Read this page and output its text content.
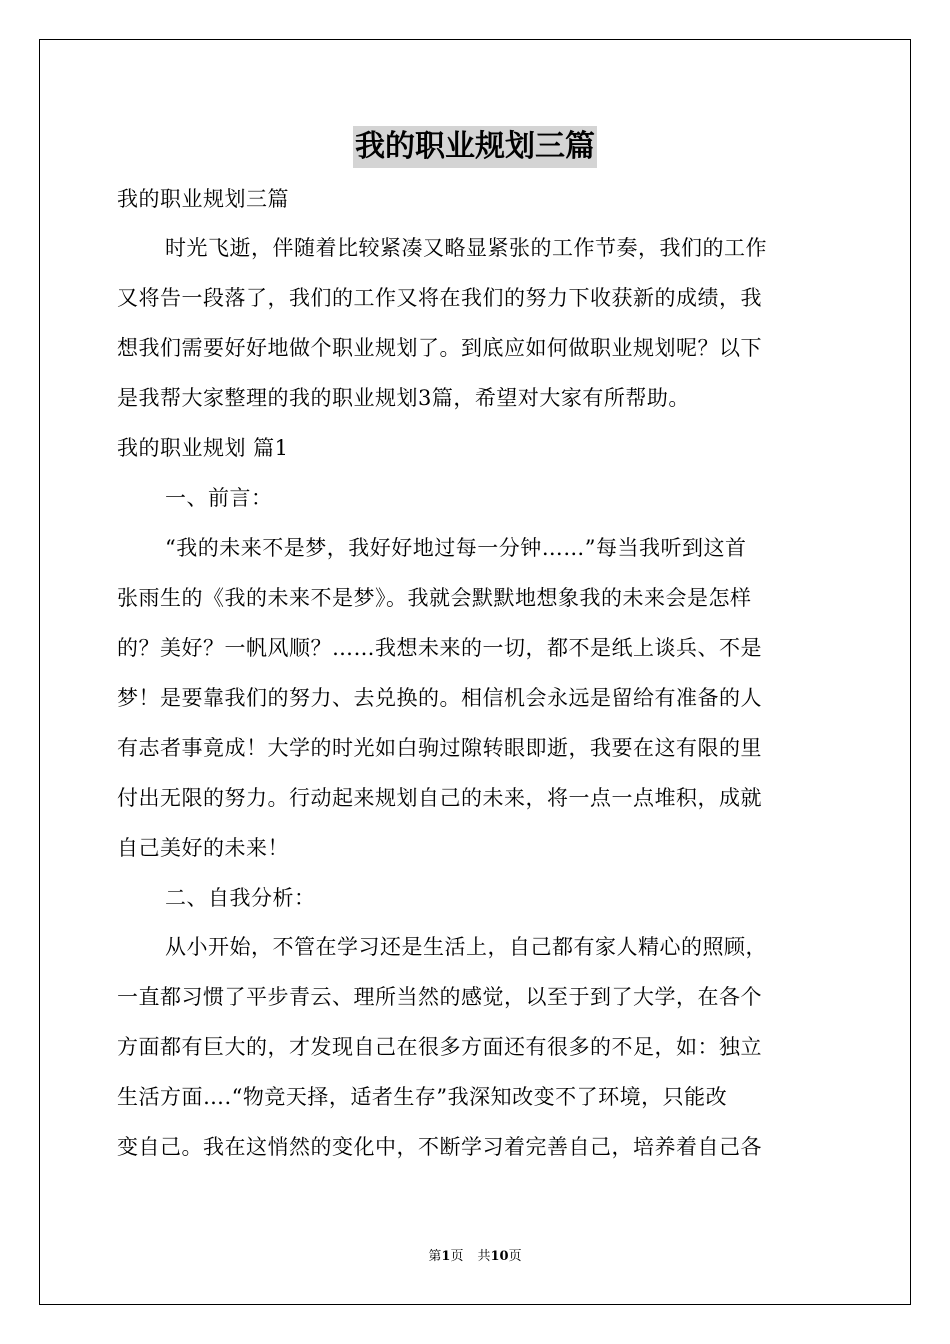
我的职业规划三篇
我的职业规划三篇
时光飞逝，伴随着比较紧凑又略显紧张的工作节奏，我们的工作
又将告一段落了，我们的工作又将在我们的努力下收获新的成绩，我
想我们需要好好地做个职业规划了。到底应如何做职业规划呢？以下
是我帮大家整理的我的职业规划3篇，希望对大家有所帮助。
我的职业规划 篇1
一、前言：
“我的未来不是梦，我好好地过每一分钟……”每当我听到这首
张雨生的《我的未来不是梦》。我就会默默地想象我的未来会是怎样
的？美好？一帆风顺？……我想未来的一切，都不是纸上谈兵、不是
梦！是要靠我们的努力、去兑换的。相信机会永远是留给有准备的人
有志者事竟成！大学的时光如白驹过隙转眼即逝，我要在这有限的里
付出无限的努力。行动起来规划自己的未来，将一点一点堆积，成就
自己美好的未来！
二、自我分析：
从小开始，不管在学习还是生活上，自己都有家人精心的照顾，
一直都习惯了平步青云、理所当然的感觉，以至于到了大学，在各个
方面都有巨大的，才发现自己在很多方面还有很多的不足，如：独立
生活方面….“物竞天择，适者生存”我深知改变不了环境，只能改
变自己。我在这悄然的变化中，不断学习着完善自己，培养着自己各
第1页 共10页
